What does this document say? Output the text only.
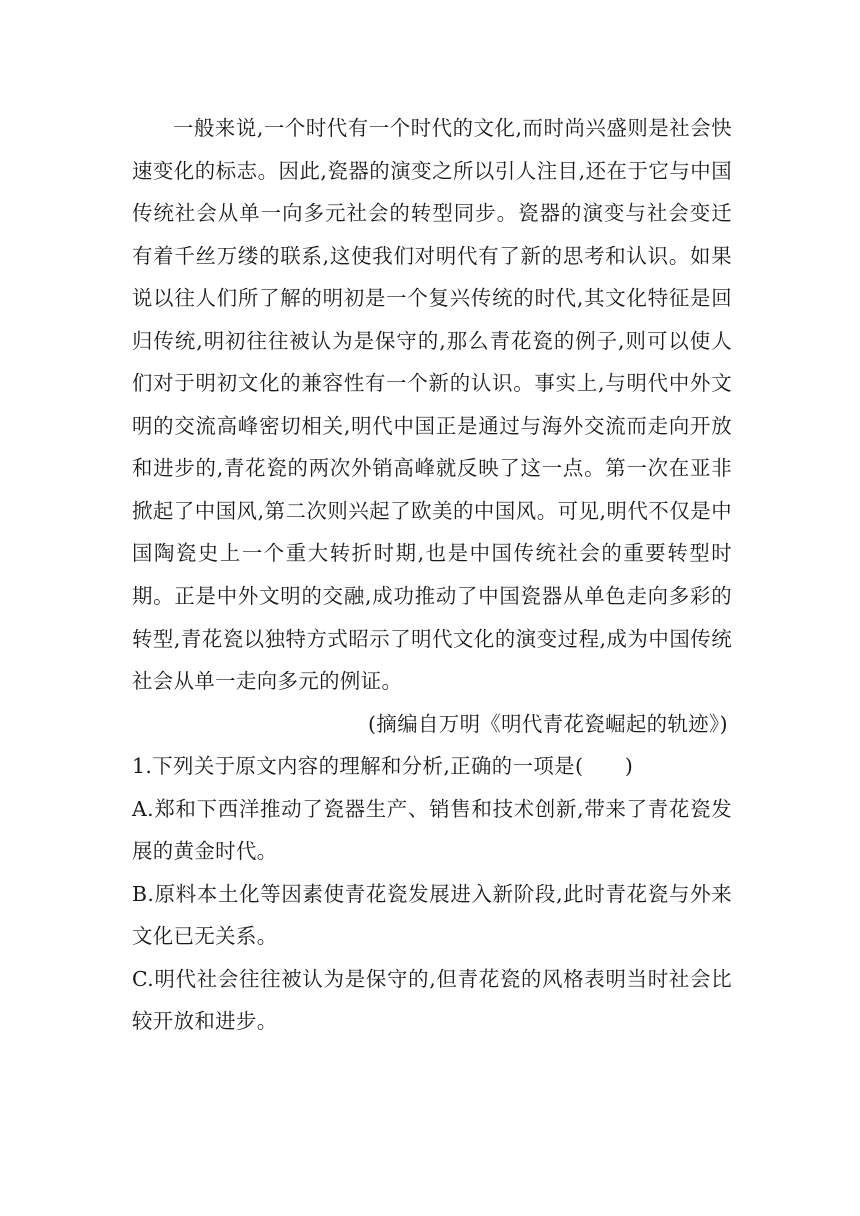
一般来说,一个时代有一个时代的文化,而时尚兴盛则是社会快速变化的标志。因此,瓷器的演变之所以引人注目,还在于它与中国传统社会从单一向多元社会的转型同步。瓷器的演变与社会变迁有着千丝万缕的联系,这使我们对明代有了新的思考和认识。如果说以往人们所了解的明初是一个复兴传统的时代,其文化特征是回归传统,明初往往被认为是保守的,那么青花瓷的例子,则可以使人们对于明初文化的兼容性有一个新的认识。事实上,与明代中外文明的交流高峰密切相关,明代中国正是通过与海外交流而走向开放和进步的,青花瓷的两次外销高峰就反映了这一点。第一次在亚非掀起了中国风,第二次则兴起了欧美的中国风。可见,明代不仅是中国陶瓷史上一个重大转折时期,也是中国传统社会的重要转型时期。正是中外文明的交融,成功推动了中国瓷器从单色走向多彩的转型,青花瓷以独特方式昭示了明代文化的演变过程,成为中国传统社会从单一走向多元的例证。

(摘编自万明《明代青花瓷崛起的轨迹》)

1.下列关于原文内容的理解和分析,正确的一项是(　　)

A.郑和下西洋推动了瓷器生产、销售和技术创新,带来了青花瓷发展的黄金时代。

B.原料本土化等因素使青花瓷发展进入新阶段,此时青花瓷与外来文化已无关系。

C.明代社会往往被认为是保守的,但青花瓷的风格表明当时社会比较开放和进步。
